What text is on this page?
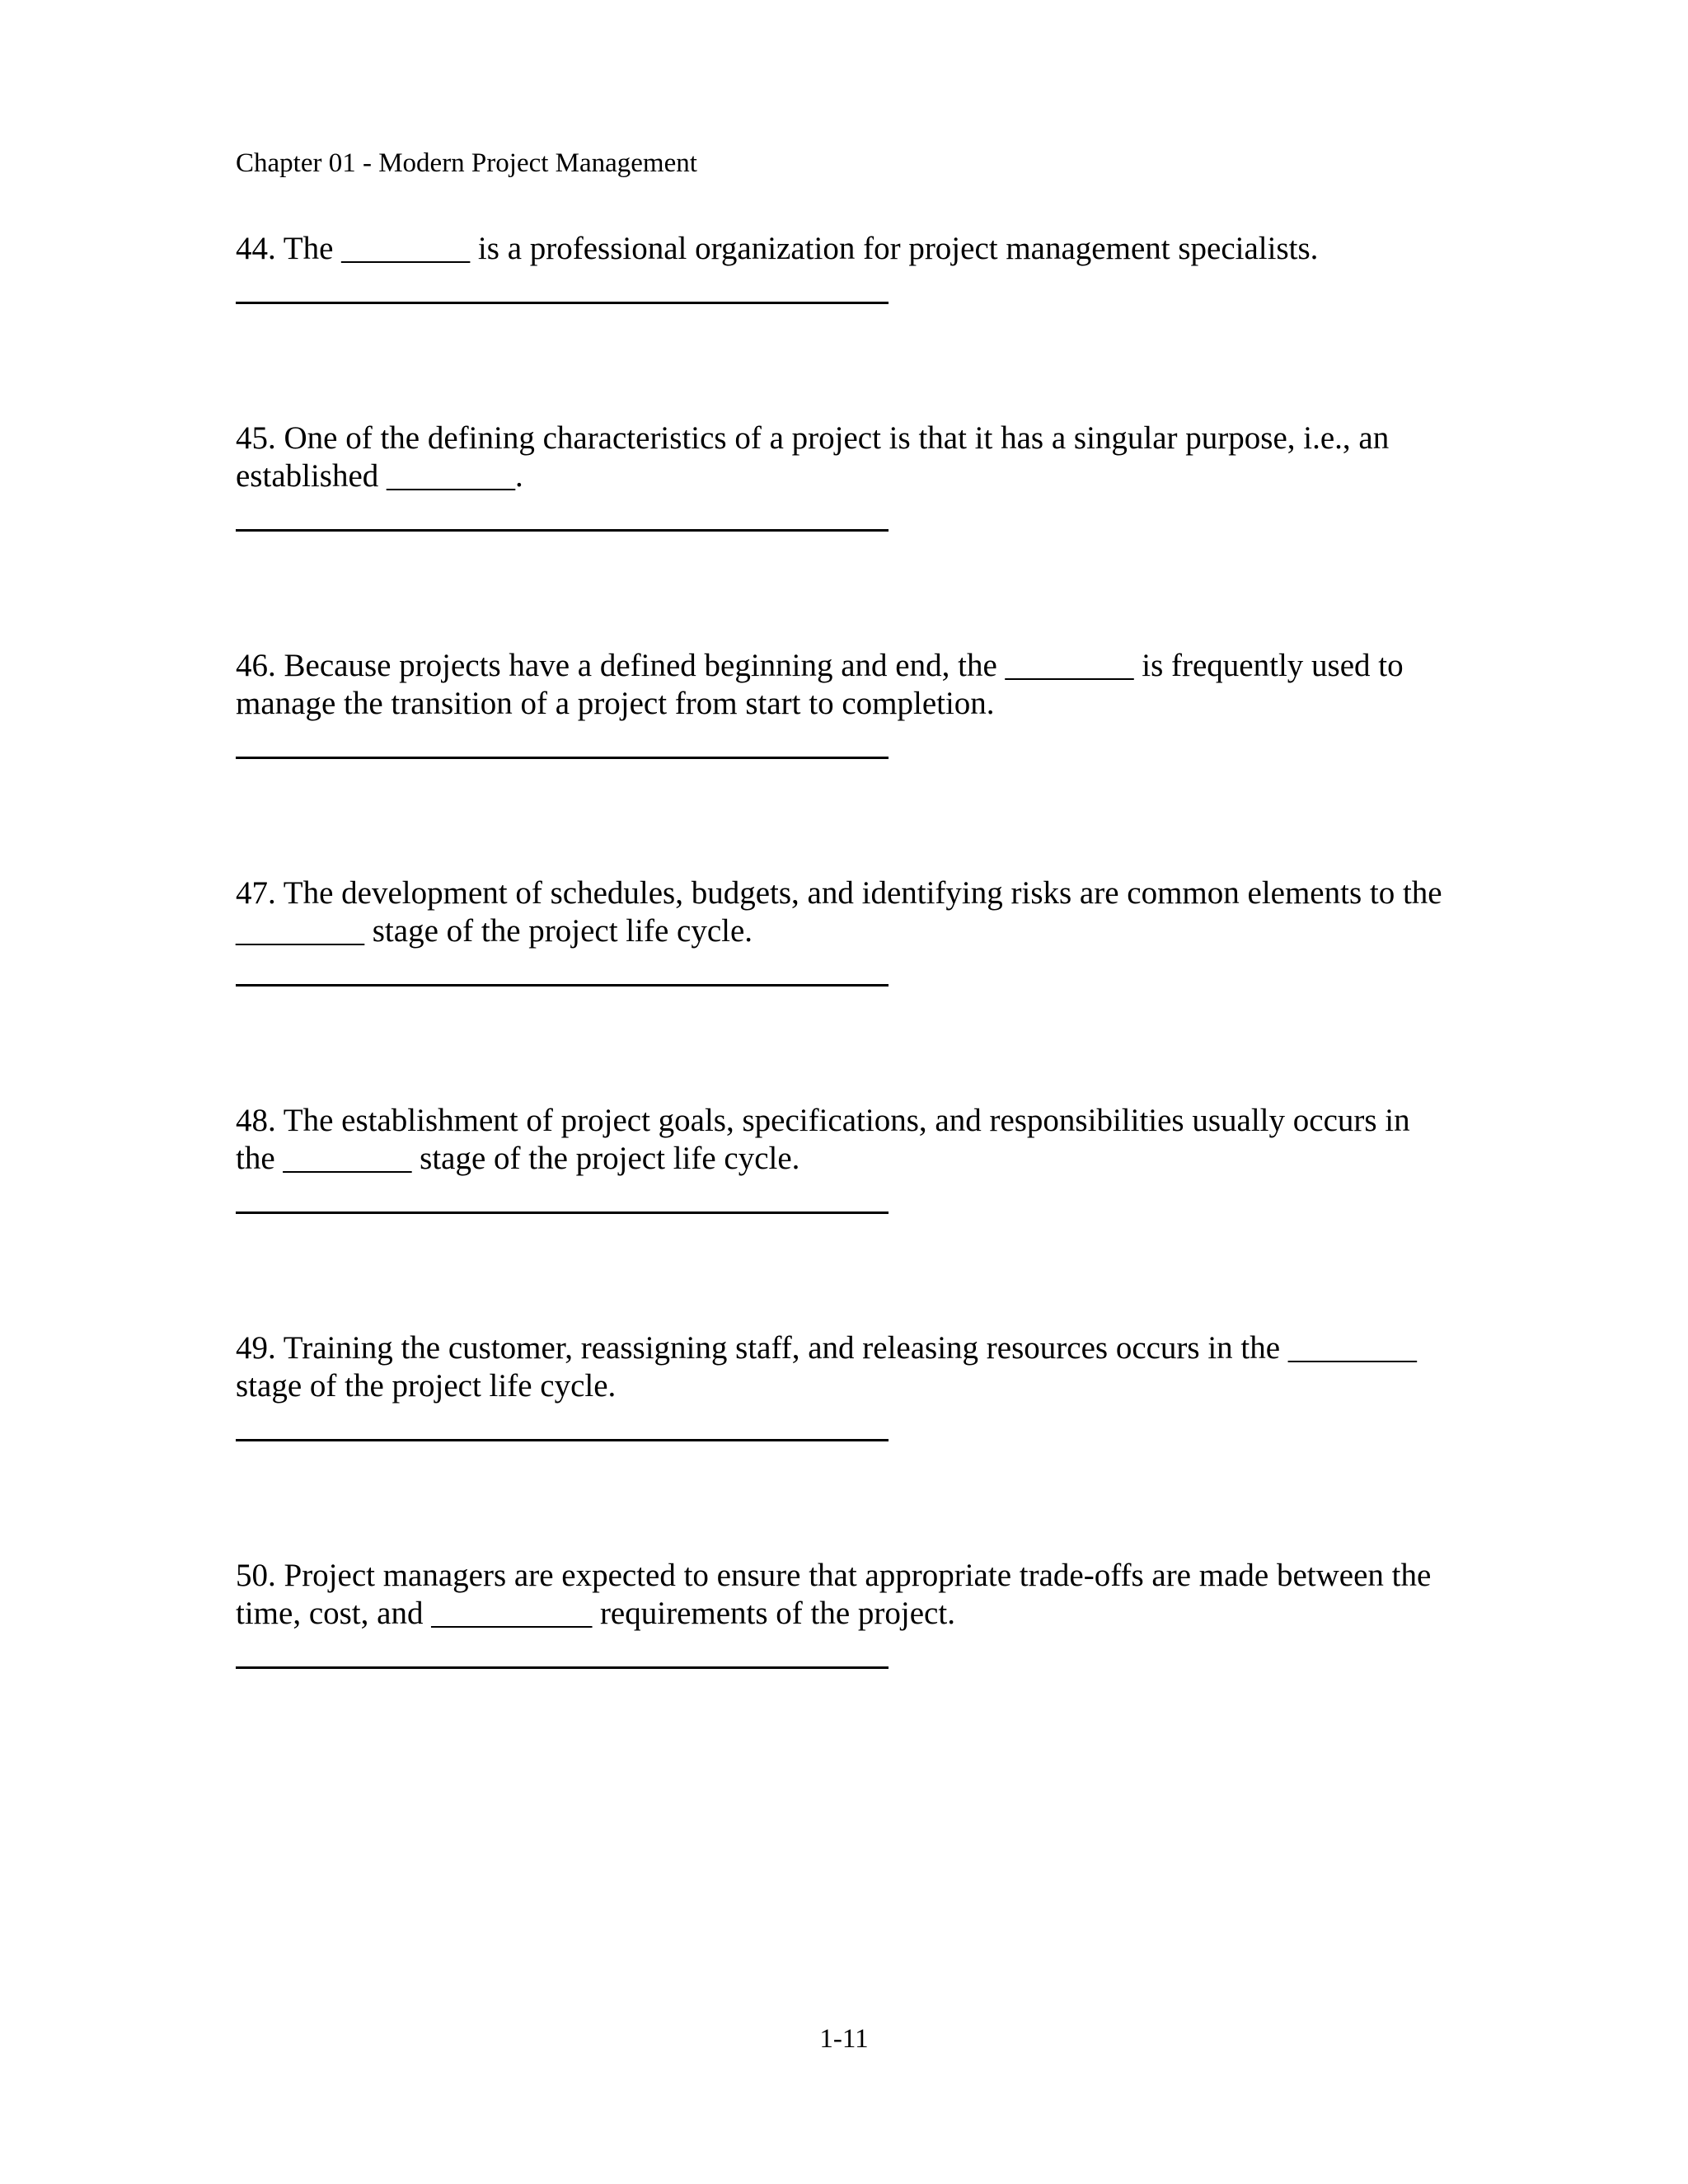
Chapter 01 - Modern Project Management
44. The ________ is a professional organization for project management specialists.
45. One of the defining characteristics of a project is that it has a singular purpose, i.e., an
established ________.
46. Because projects have a defined beginning and end, the ________ is frequently used to
manage the transition of a project from start to completion.
47. The development of schedules, budgets, and identifying risks are common elements to the
________ stage of the project life cycle.
48. The establishment of project goals, specifications, and responsibilities usually occurs in
the ________ stage of the project life cycle.
49. Training the customer, reassigning staff, and releasing resources occurs in the ________
stage of the project life cycle.
50. Project managers are expected to ensure that appropriate trade-offs are made between the
time, cost, and __________ requirements of the project.
1-11
